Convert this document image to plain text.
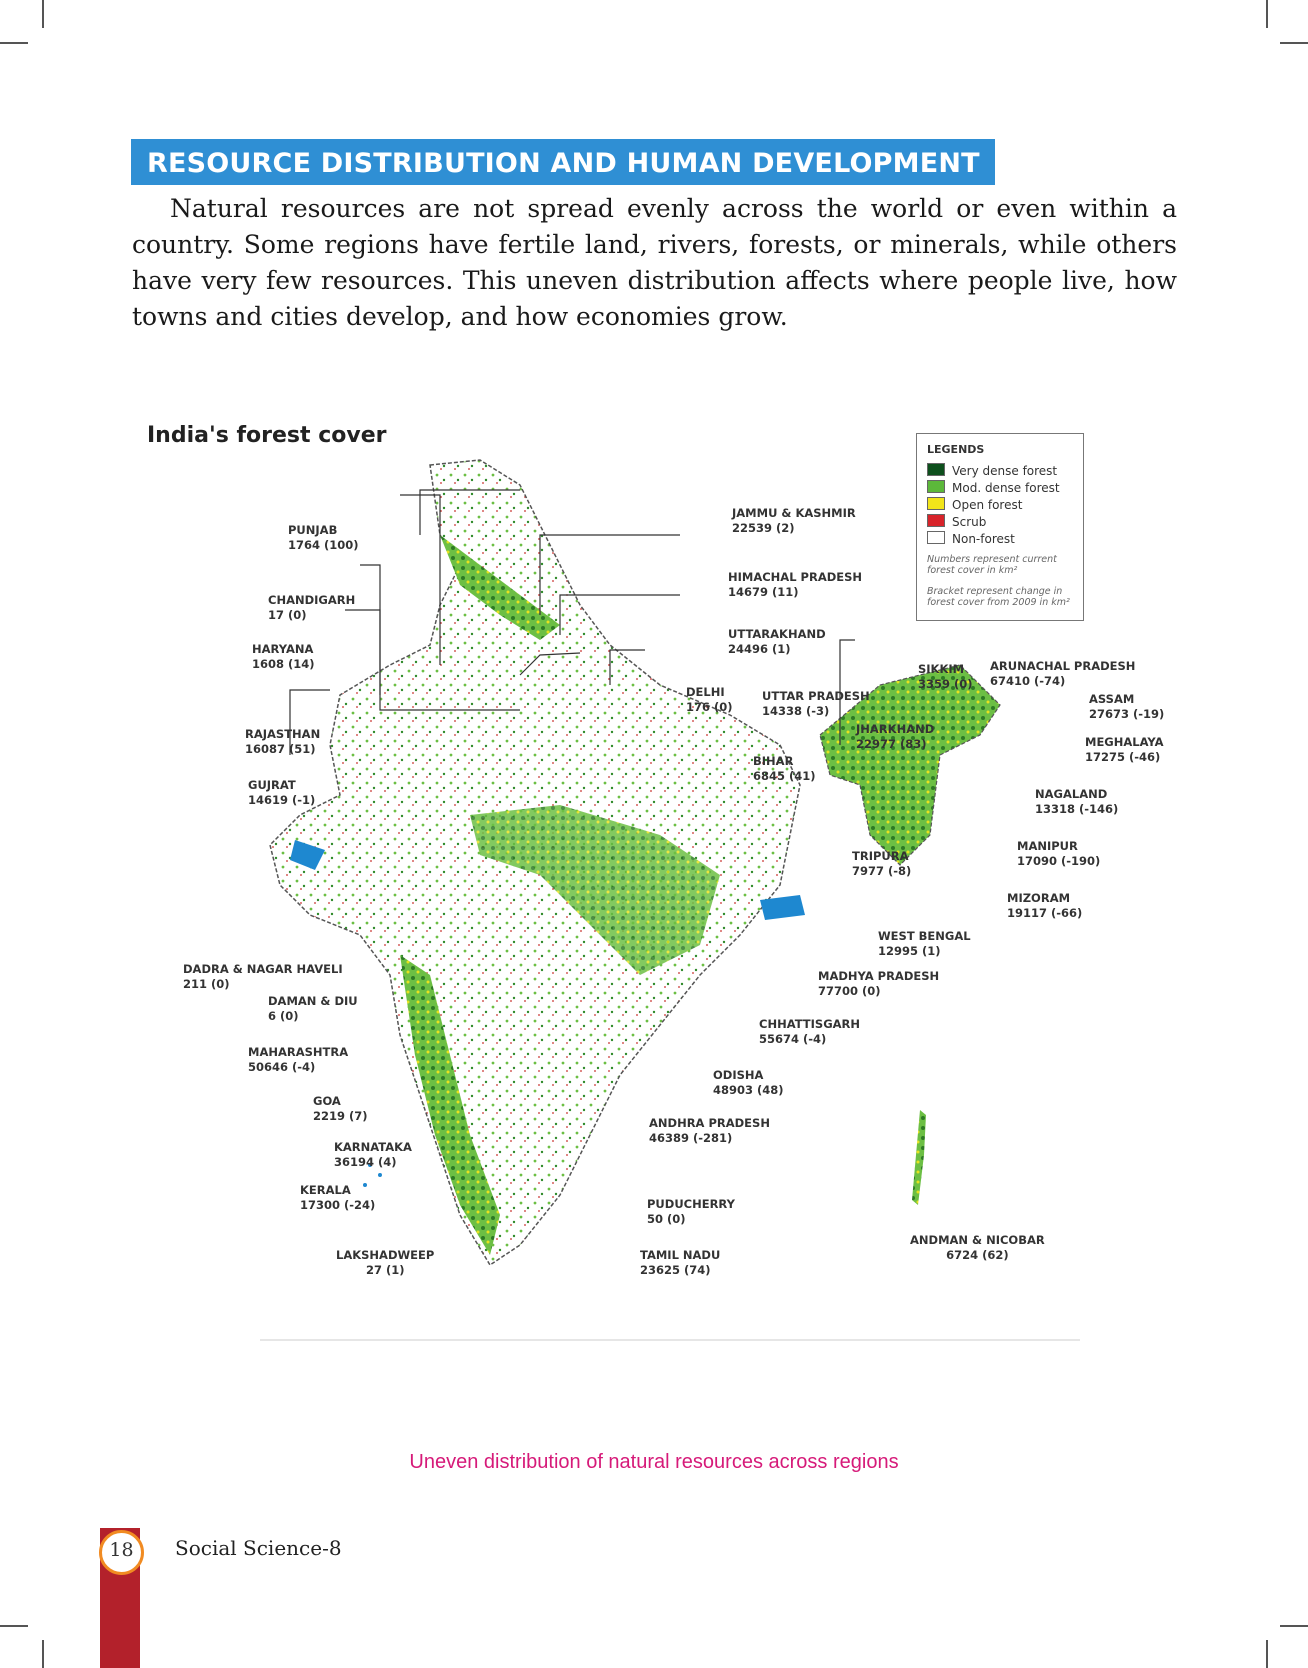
RESOURCE DISTRIBUTION AND HUMAN DEVELOPMENT

Natural resources are not spread evenly across the world or even within a country. Some regions have fertile land, rivers, forests, or minerals, while others have very few resources. This uneven distribution affects where people live, how towns and cities develop, and how economies grow.

India's forest cover
LEGENDS
Very dense forest
Mod. dense forest
Open forest
Scrub
Non-forest
Numbers represent current forest cover in km²
Bracket represent change in forest cover from 2009 in km²
JAMMU & KASHMIR
22539 (2)
PUNJAB
1764 (100)
HIMACHAL PRADESH
14679 (11)
CHANDIGARH
17 (0)
UTTARAKHAND
24496 (1)
HARYANA
1608 (14)	SIKKIM
3359 (0)
ARUNACHAL PRADESH
67410 (-74)
DELHI
176 (0)
UTTAR PRADESH
14338 (-3)
ASSAM
27673 (-19)
RAJASTHAN
16087 (51)
JHARKHAND
22977 (83)	MEGHALAYA
17275 (-46)
BIHAR
6845 (41)
GUJRAT
14619 (-1)	NAGALAND
13318 (-146)
MANIPUR
17090 (-190)
TRIPURA
7977 (-8)
MIZORAM
19117 (-66)
WEST BENGAL
12995 (1)
DADRA & NAGAR HAVELI
211 (0)
MADHYA PRADESH
77700 (0)
DAMAN & DIU
6 (0)
CHHATTISGARH
55674 (-4)
MAHARASHTRA
50646 (-4)
ODISHA
48903 (48)
GOA
2219 (7)	ANDHRA PRADESH
46389 (-281)
KARNATAKA
36194 (4)
KERALA
17300 (-24)	PUDUCHERRY
50 (0)
ANDMAN & NICOBAR
6724 (62)
LAKSHADWEEP
27 (1)
TAMIL NADU
23625 (74)
Uneven distribution of natural resources across regions
18	Social Science-8
